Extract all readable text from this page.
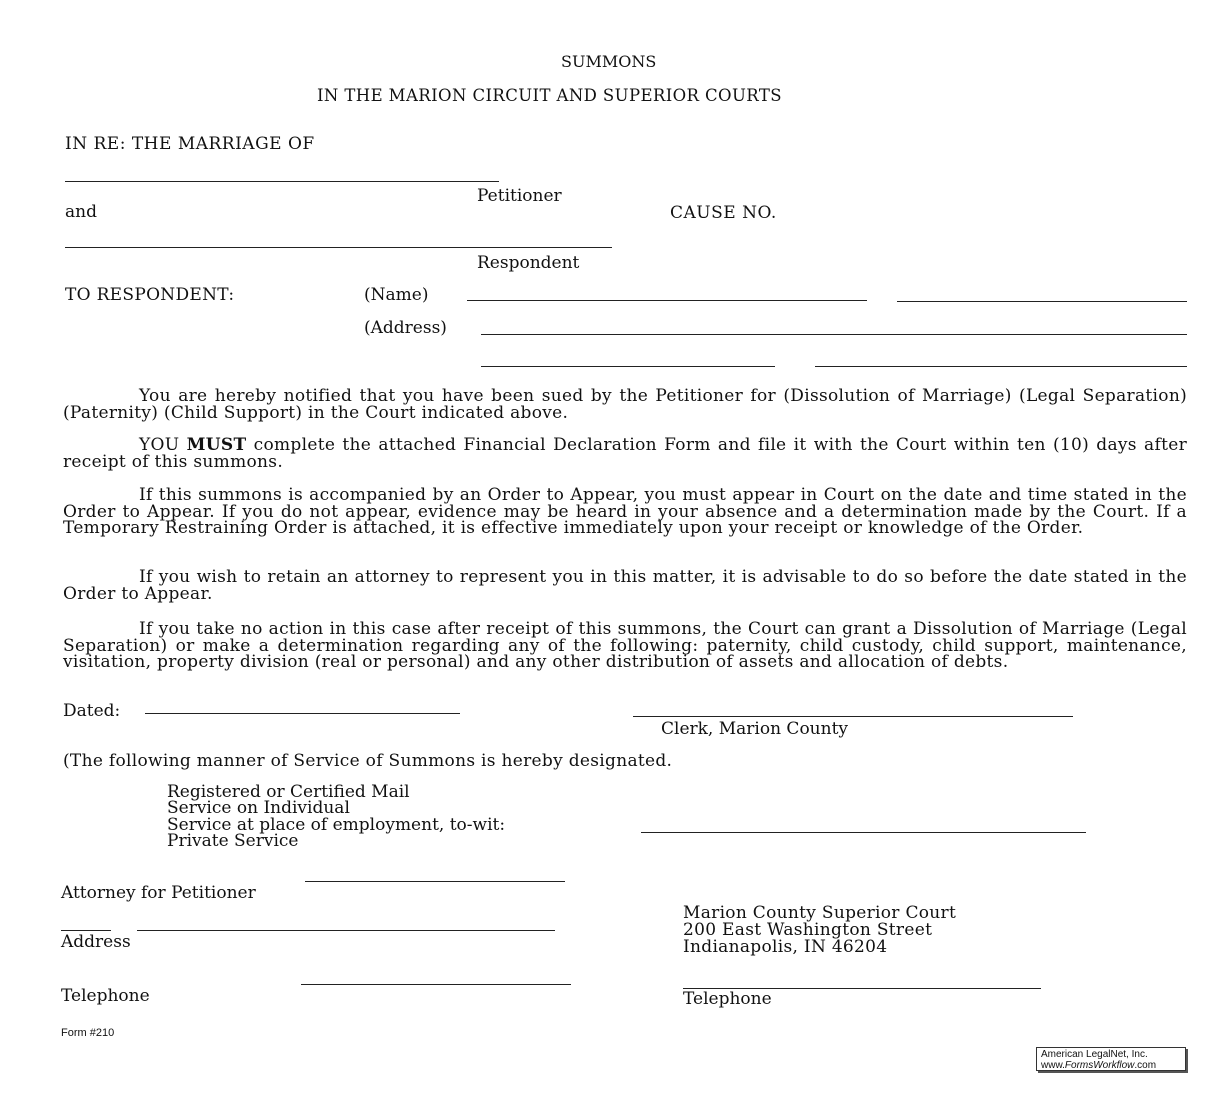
SUMMONS
IN THE MARION CIRCUIT AND SUPERIOR COURTS
IN RE: THE MARRIAGE OF
Petitioner
and	CAUSE NO.
Respondent
TO RESPONDENT:	(Name)
(Address)
You are hereby notified that you have been sued by the Petitioner for (Dissolution of Marriage) (Legal Separation) (Paternity) (Child Support) in the Court indicated above.
YOU MUST complete the attached Financial Declaration Form and file it with the Court within ten (10) days after receipt of this summons.
If this summons is accompanied by an Order to Appear, you must appear in Court on the date and time stated in the Order to Appear. If you do not appear, evidence may be heard in your absence and a determination made by the Court. If a Temporary Restraining Order is attached, it is effective immediately upon your receipt or knowledge of the Order.
If you wish to retain an attorney to represent you in this matter, it is advisable to do so before the date stated in the Order to Appear.
If you take no action in this case after receipt of this summons, the Court can grant a Dissolution of Marriage (Legal Separation) or make a determination regarding any of the following: paternity, child custody, child support, maintenance, visitation, property division (real or personal) and any other distribution of assets and allocation of debts.
Dated:
Clerk, Marion County
(The following manner of Service of Summons is hereby designated.
Registered or Certified Mail
Service on Individual
Service at place of employment, to-wit:
Private Service
Attorney for Petitioner
Address
Telephone
Marion County Superior Court
200 East Washington Street
Indianapolis, IN 46204
Telephone
Form #210
American LegalNet, Inc.
www.FormsWorkflow.com
